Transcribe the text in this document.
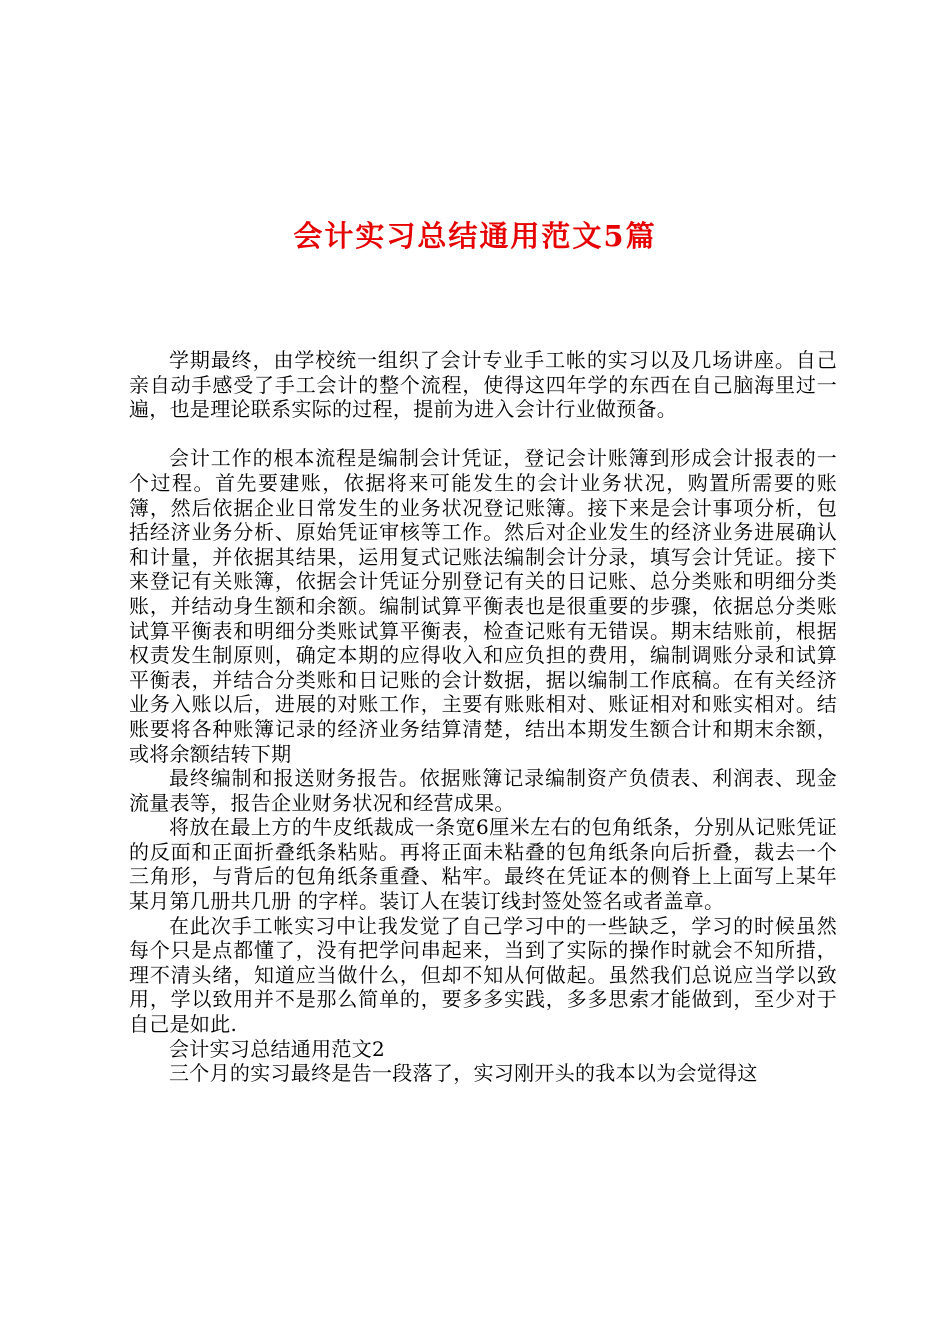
会计实习总结通用范文5篇

学期最终，由学校统一组织了会计专业手工帐的实习以及几场讲座。自己亲自动手感受了手工会计的整个流程，使得这四年学的东西在自己脑海里过一遍，也是理论联系实际的过程，提前为进入会计行业做预备。

会计工作的根本流程是编制会计凭证，登记会计账簿到形成会计报表的一个过程。首先要建账，依据将来可能发生的会计业务状况，购置所需要的账簿，然后依据企业日常发生的业务状况登记账簿。接下来是会计事项分析，包括经济业务分析、原始凭证审核等工作。然后对企业发生的经济业务进展确认和计量，并依据其结果，运用复式记账法编制会计分录，填写会计凭证。接下来登记有关账簿，依据会计凭证分别登记有关的日记账、总分类账和明细分类账，并结动身生额和余额。编制试算平衡表也是很重要的步骤，依据总分类账试算平衡表和明细分类账试算平衡表，检查记账有无错误。期末结账前，根据权责发生制原则，确定本期的应得收入和应负担的费用，编制调账分录和试算平衡表，并结合分类账和日记账的会计数据，据以编制工作底稿。在有关经济业务入账以后，进展的对账工作，主要有账账相对、账证相对和账实相对。结账要将各种账簿记录的经济业务结算清楚，结出本期发生额合计和期末余额，或将余额结转下期

最终编制和报送财务报告。依据账簿记录编制资产负债表、利润表、现金流量表等，报告企业财务状况和经营成果。

将放在最上方的牛皮纸裁成一条宽6厘米左右的包角纸条，分别从记账凭证的反面和正面折叠纸条粘贴。再将正面未粘叠的包角纸条向后折叠，裁去一个三角形，与背后的包角纸条重叠、粘牢。最终在凭证本的侧脊上上面写上某年某月第几册共几册 的字样。装订人在装订线封签处签名或者盖章。

在此次手工帐实习中让我发觉了自己学习中的一些缺乏，学习的时候虽然每个只是点都懂了，没有把学问串起来，当到了实际的操作时就会不知所措，理不清头绪，知道应当做什么，但却不知从何做起。虽然我们总说应当学以致用，学以致用并不是那么简单的，要多多实践，多多思索才能做到，至少对于自己是如此.

会计实习总结通用范文2

三个月的实习最终是告一段落了，实习刚开头的我本以为会觉得这
